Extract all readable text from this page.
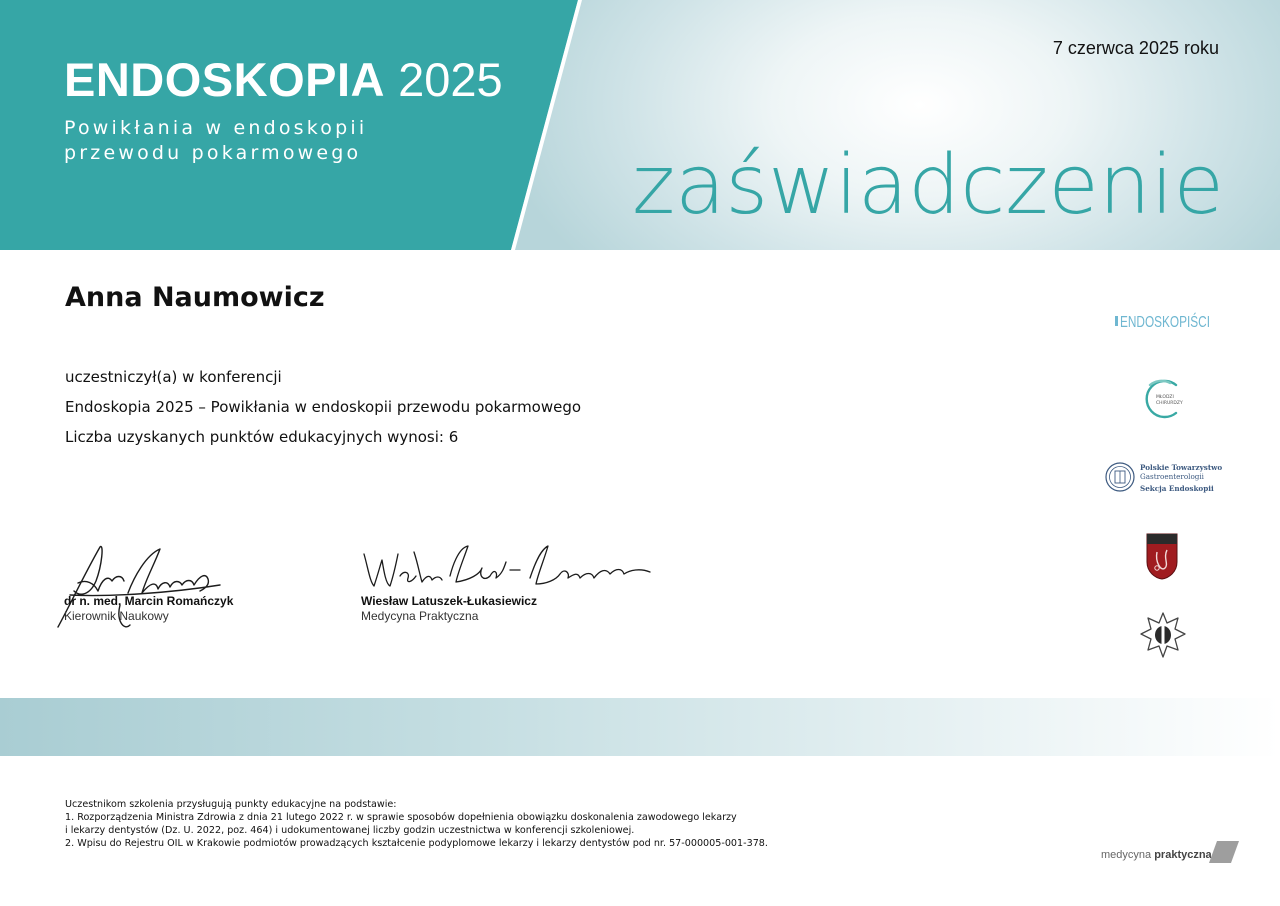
ENDOSKOPIA 2025
Powikłania w endoskopii
przewodu pokarmowego
7 czerwca 2025 roku
zaświadczenie
Anna Naumowicz
uczestniczył(a) w konferencji
Endoskopia 2025 – Powikłania w endoskopii przewodu pokarmowego
Liczba uzyskanych punktów edukacyjnych wynosi: 6
dr n. med. Marcin Romańczyk
Kierownik Naukowy
Wiesław Latuszek-Łukasiewicz
Medycyna Praktyczna
ENDOSKOPIŚCI
MŁODZI
CHIRURDZY
Polskie Towarzystwo
Gastroenterologii
Sekcja Endoskopii
Uczestnikom szkolenia przysługują punkty edukacyjne na podstawie:
1. Rozporządzenia Ministra Zdrowia z dnia 21 lutego 2022 r. w sprawie sposobów dopełnienia obowiązku doskonalenia zawodowego lekarzy
i lekarzy dentystów (Dz. U. 2022, poz. 464) i udokumentowanej liczby godzin uczestnictwa w konferencji szkoleniowej.
2. Wpisu do Rejestru OIL w Krakowie podmiotów prowadzących kształcenie podyplomowe lekarzy i lekarzy dentystów pod nr. 57-000005-001-378.
medycyna praktyczna
